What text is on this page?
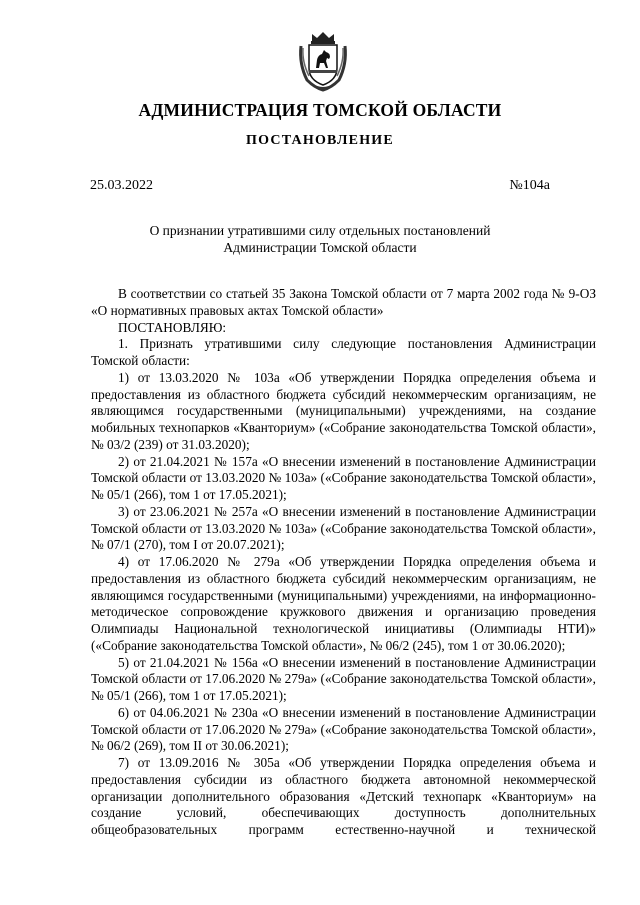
АДМИНИСТРАЦИЯ ТОМСКОЙ ОБЛАСТИ
ПОСТАНОВЛЕНИЕ
25.03.2022	№104а
О признании утратившими силу отдельных постановлений
Администрации Томской области

В соответствии со статьей 35 Закона Томской области от 7 марта 2002 года № 9-ОЗ «О нормативных правовых актах Томской области»

ПОСТАНОВЛЯЮ:

1. Признать утратившими силу следующие постановления Администрации Томской области:

1) от 13.03.2020 № 103а «Об утверждении Порядка определения объема и предоставления из областного бюджета субсидий некоммерческим организациям, не являющимся государственными (муниципальными) учреждениями, на создание мобильных технопарков «Кванториум» («Собрание законодательства Томской области», № 03/2 (239) от 31.03.2020);

2) от 21.04.2021 № 157а «О внесении изменений в постановление Администрации Томской области от 13.03.2020 № 103а» («Собрание законодательства Томской области», № 05/1 (266), том 1 от 17.05.2021);

3) от 23.06.2021 № 257а «О внесении изменений в постановление Администрации Томской области от 13.03.2020 № 103а» («Собрание законодательства Томской области», № 07/1 (270), том I от 20.07.2021);

4) от 17.06.2020 № 279а «Об утверждении Порядка определения объема и предоставления из областного бюджета субсидий некоммерческим организациям, не являющимся государственными (муниципальными) учреждениями, на информационно-методическое сопровождение кружкового движения и организацию проведения Олимпиады Национальной технологической инициативы (Олимпиады НТИ)» («Собрание законодательства Томской области», № 06/2 (245), том 1 от 30.06.2020);

5) от 21.04.2021 № 156а «О внесении изменений в постановление Администрации Томской области от 17.06.2020 № 279а» («Собрание законодательства Томской области», № 05/1 (266), том 1 от 17.05.2021);

6) от 04.06.2021 № 230а «О внесении изменений в постановление Администрации Томской области от 17.06.2020 № 279а» («Собрание законодательства Томской области», № 06/2 (269), том II от 30.06.2021);

7) от 13.09.2016 № 305а «Об утверждении Порядка определения объема и предоставления субсидии из областного бюджета автономной некоммерческой организации дополнительного образования «Детский технопарк «Кванториум» на создание условий, обеспечивающих доступность дополнительных общеобразовательных программ естественно-научной и технической
